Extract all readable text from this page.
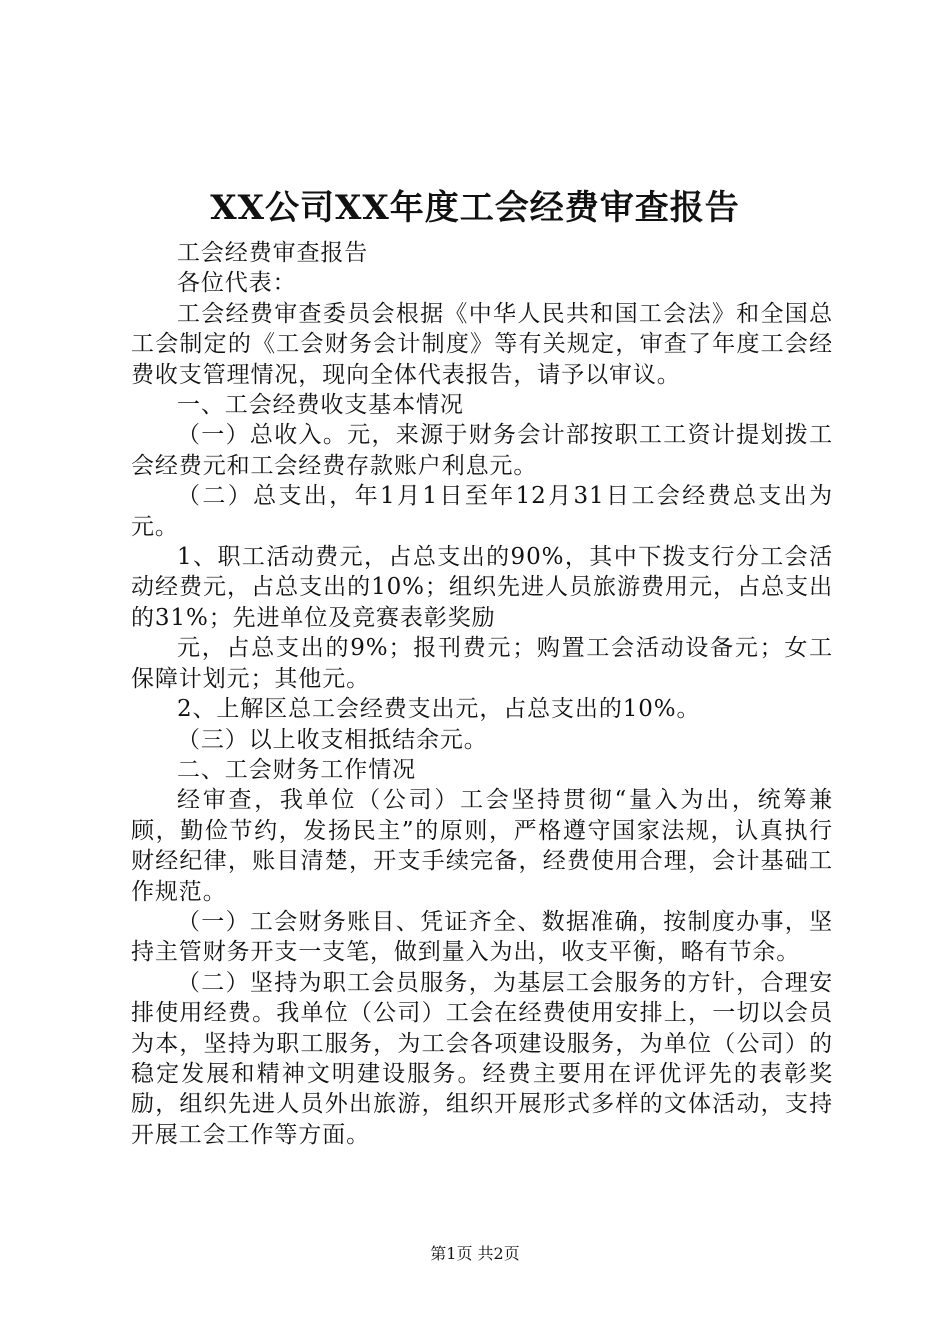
XX公司XX年度工会经费审查报告

工会经费审查报告

各位代表：

工会经费审查委员会根据《中华人民共和国工会法》和全国总工会制定的《工会财务会计制度》等有关规定，审查了年度工会经费收支管理情况，现向全体代表报告，请予以审议。

一、工会经费收支基本情况

（一）总收入。元，来源于财务会计部按职工工资计提划拨工会经费元和工会经费存款账户利息元。

（二）总支出，年1月1日至年12月31日工会经费总支出为元。

1、职工活动费元，占总支出的90%，其中下拨支行分工会活动经费元，占总支出的10%；组织先进人员旅游费用元，占总支出的31%；先进单位及竞赛表彰奖励

元，占总支出的9%；报刊费元；购置工会活动设备元；女工保障计划元；其他元。

2、上解区总工会经费支出元，占总支出的10%。

（三）以上收支相抵结余元。

二、工会财务工作情况

经审查，我单位（公司）工会坚持贯彻“量入为出，统筹兼顾，勤俭节约，发扬民主”的原则，严格遵守国家法规，认真执行财经纪律，账目清楚，开支手续完备，经费使用合理，会计基础工作规范。

（一）工会财务账目、凭证齐全、数据准确，按制度办事，坚持主管财务开支一支笔，做到量入为出，收支平衡，略有节余。

（二）坚持为职工会员服务，为基层工会服务的方针，合理安排使用经费。我单位（公司）工会在经费使用安排上，一切以会员为本，坚持为职工服务，为工会各项建设服务，为单位（公司）的稳定发展和精神文明建设服务。经费主要用在评优评先的表彰奖励，组织先进人员外出旅游，组织开展形式多样的文体活动，支持开展工会工作等方面。

第1页 共2页
